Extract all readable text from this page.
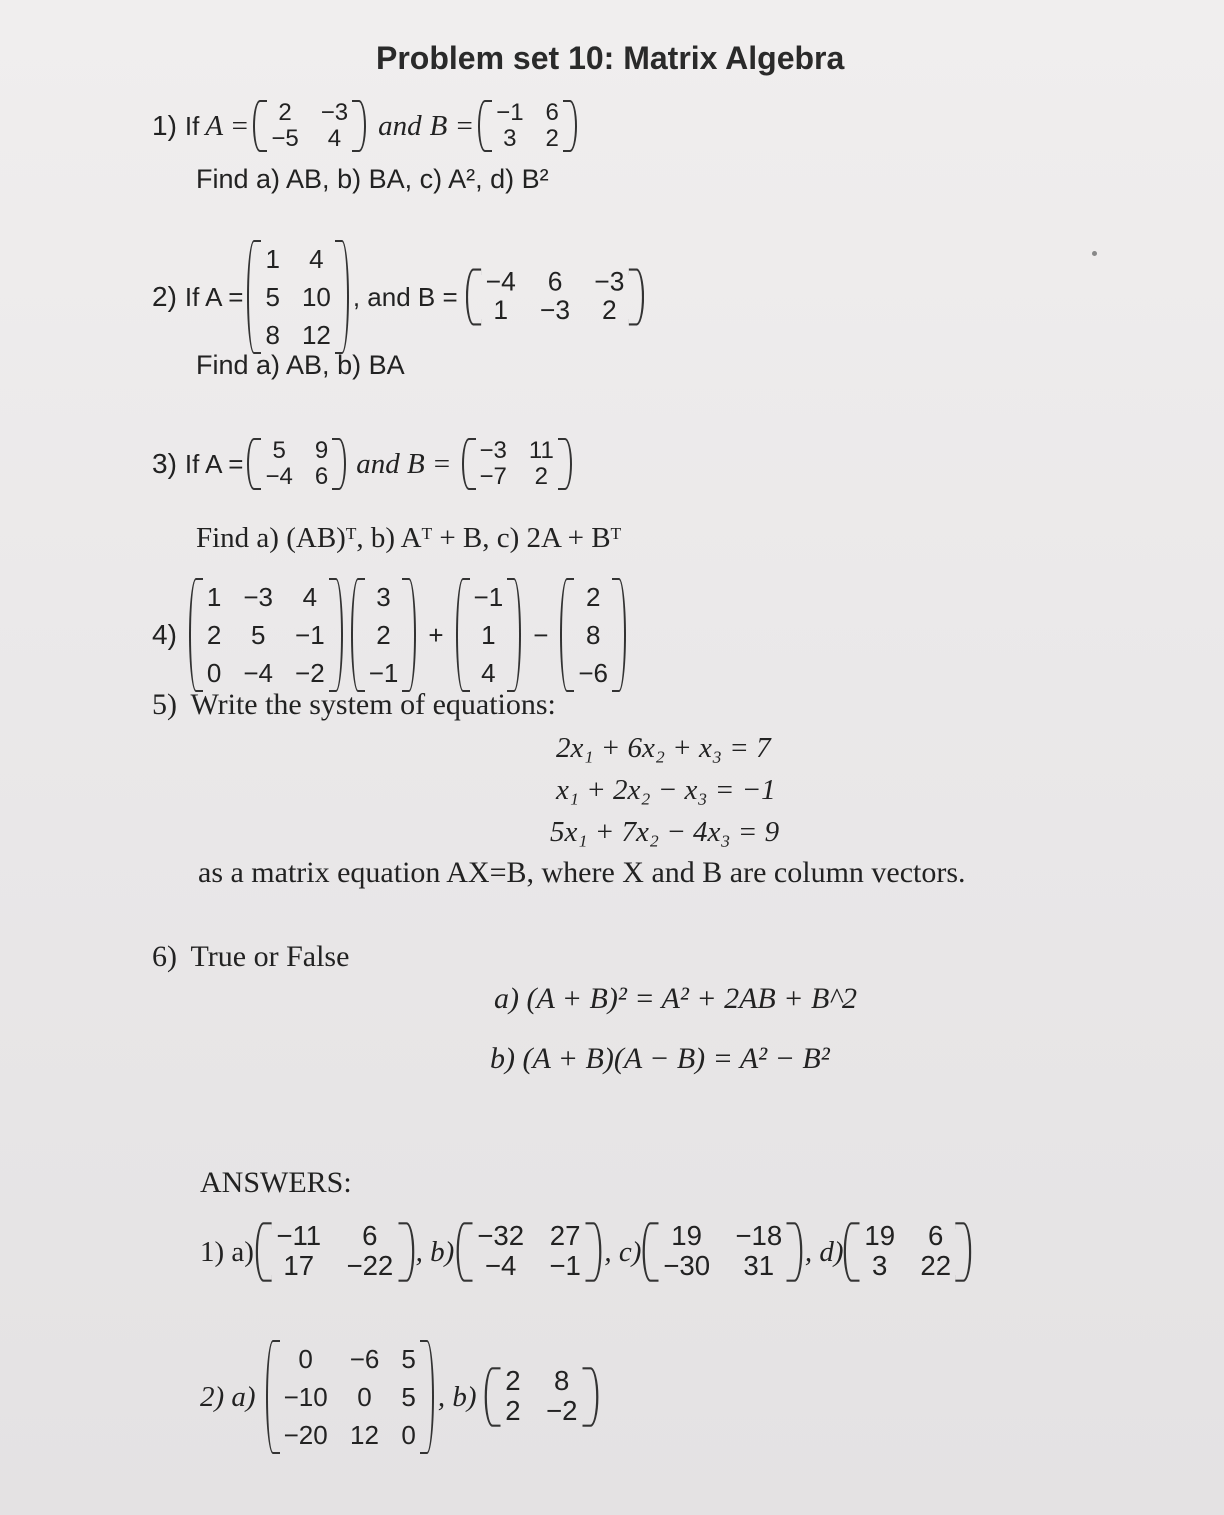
Problem set 10: Matrix Algebra
1) If A = 2 −3
−5 4 and B = −1 6
3 2
Find a) AB, b) BA, c) A², d) B²
2) If A =
1 4
5 10
8 12
, and B = −4	6	−3
1	−3	2
Find a) AB, b) BA
3) If A = 5 9
−4 6 and B = −3 11
−7 2
Find a) (AB)ᵀ, b) Aᵀ + B, c) 2A + Bᵀ
4)
1 −3 4
2 5 −1
0 −4 −2
3
2
−1
+
−1
1
4
−
2
8
−6
5) Write the system of equations:
2x₁ + 6x₂ + x₃ = 7
x₁ + 2x₂ − x₃ = −1
5x₁ + 7x₂ − 4x₃ = 9
as a matrix equation AX=B, where X and B are column vectors.
6) True or False
a) (A + B)² = A² + 2AB + B^2
b) (A + B)(A − B) = A² − B²
ANSWERS:
1) a) −11	6
17 −22 , b) −32 27
−4	−1 , c)	19	−18
−30	31 , d) 19	6
3	22
2) a)
0	−6 5
−10 0 5
−20 12 0
, b) 2	8
2 −2
